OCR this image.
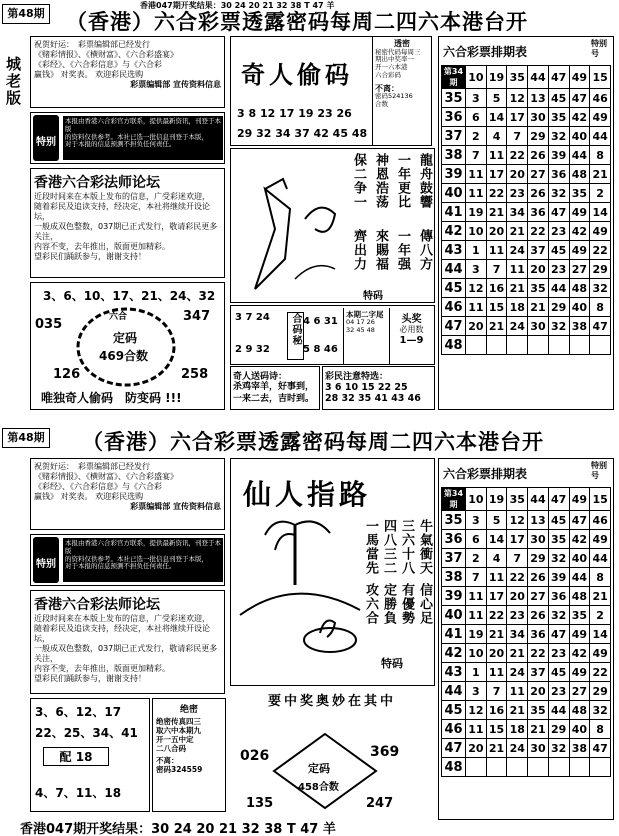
香港047期开奖结果：30 24 20 21 32 38 T 47 羊
第48期 （香港）六合彩票透露密码每周二四六本港台开
城老版
祝贺好运：　彩票编辑部已经发行
《赌彩情报》、《横财富》、《六合彩盛宴》
《彩经》、《六合彩信息》与《六合彩
赢钱》 对奖表。 欢迎彩民选购
彩票编辑部 宣传资料信息
特别
本报由香港六合彩官方联系，提供最新资讯，刊登于本版
的资料仅供参考。本社已选一批信息刊登于本版，
对于本报的信息预测不担负任何责任。
香港六合彩法师论坛
近段时间来在本版上发布的信息，广受彩迷欢迎，
随着彩民及追读支持，经决定，本社将继续开设论坛，
一般成双色整数，037期已正式发行，敬请彩民更多关注，
内容不变，去年推出，版面更加精彩。
望彩民们踊跃参与，谢谢支持！
3、6、10、17、21、24、32
035
347
六合
定码
469合数
126	258
唯独奇人偷码　防变码 !!!
奇人偷码
3 8 12 17 19 23 26
29 32 34 37 42 45 48
透密
秘密代码每周三
期出中奖率一
开一六本港
六合彩码
不离：
密码524136
合数
保二争一 神恩浩荡 一年更比 龍舟鼓響
齊出力 來賜福 一年强 傳八方
特码
3 7 24
2 9 32
合码秘 4 6 31
5 8 46
本期二字尾
04 17 26 32 45 48
头奖
必用数
1—9
奇人送码诗：
杀鸡宰羊，好事到，一来二去，吉时到。
彩民注意特选：
3 6 10 15 22 25
28 32 35 41 43 46
六合彩票排期表
特别号
第34期	10	19	35	44	47	49	15
35	3	5	12	13	45	47	46
36	6	14	17	30	35	42	49
37	2	4	7	29	32	40	44
38	7	11	22	26	39	44	8
39	11	17	20	27	36	48	21
40	11	22	23	26	32	35	2
41	19	21	34	36	47	49	14
42	10	20	21	22	23	42	49
43	1	11	24	37	45	49	22
44	3	7	11	20	23	27	29
45	12	16	21	35	44	48	32
46	11	15	18	21	29	40	8
47	20	21	24	30	32	38	47
48							
第48期 （香港）六合彩票透露密码每周二四六本港台开
祝贺好运：　彩票编辑部已经发行
《赌彩情报》、《横财富》、《六合彩盛宴》
《彩经》、《六合彩信息》与《六合彩
赢钱》 对奖表。 欢迎彩民选购
彩票编辑部 宣传资料信息
特别
本报由香港六合彩官方联系，提供最新资讯，刊登于本版
的资料仅供参考。本社已选一批信息刊登于本版，
对于本报的信息预测不担负任何责任。
香港六合彩法师论坛
近段时间来在本版上发布的信息，广受彩迷欢迎，
随着彩民及追读支持，经决定，本社将继续开设论坛，
一般成双色整数，037期已正式发行，敬请彩民更多关注，
内容不变，去年推出，版面更加精彩。
望彩民们踊跃参与，谢谢支持！
3、6、12、17
22、25、34、41
配 18
4、7、11、18
仙人指路
一馬當先 四八三二 三六十八 牛氣衝天
攻六合 定勝負 有優勢 信心足
特码
要中奖奥妙在其中
026	369
定码
458合数
135	247
绝密
绝密传真四三
取六中本期九
开一五中定
二八合码
不离：
密码324559
六合彩票排期表
特别号
第34期	10	19	35	44	47	49	15
35	3	5	12	13	45	47	46
36	6	14	17	30	35	42	49
37	2	4	7	29	32	40	44
38	7	11	22	26	39	44	8
39	11	17	20	27	36	48	21
40	11	22	23	26	32	35	2
41	19	21	34	36	47	49	14
42	10	20	21	22	23	42	49
43	1	11	24	37	45	49	22
44	3	7	11	20	23	27	29
45	12	16	21	35	44	48	32
46	11	15	18	21	29	40	8
47	20	21	24	30	32	38	47
48							
香港047期开奖结果：30 24 20 21 32 38 T 47 羊
